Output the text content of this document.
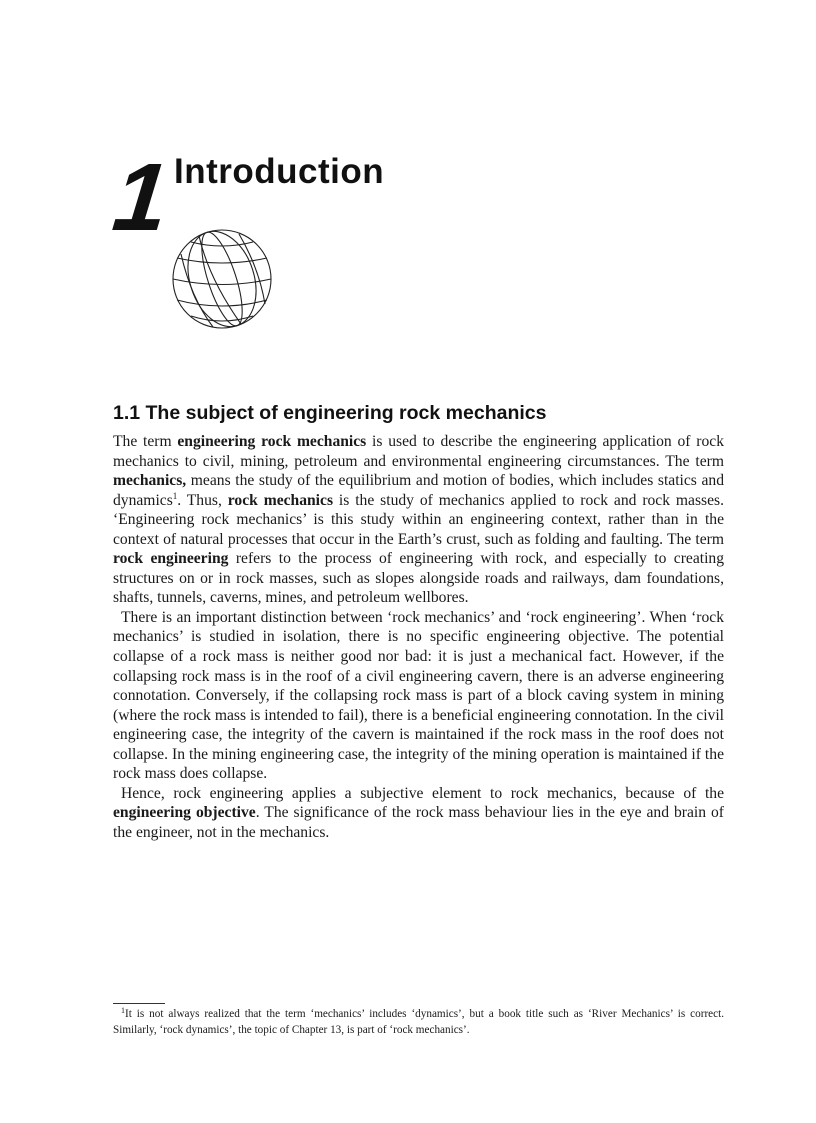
1 Introduction
1.1 The subject of engineering rock mechanics

The term engineering rock mechanics is used to describe the engineering application of rock mechanics to civil, mining, petroleum and environmental engineering circumstances. The term mechanics, means the study of the equilibrium and motion of bodies, which includes statics and dynamics$^1$. Thus, rock mechanics is the study of mechanics applied to rock and rock masses. ‘Engineering rock mechanics’ is this study within an engineering context, rather than in the context of natural processes that occur in the Earth’s crust, such as folding and faulting. The term rock engineering refers to the process of engineering with rock, and especially to creating structures on or in rock masses, such as slopes alongside roads and railways, dam foundations, shafts, tunnels, caverns, mines, and petroleum wellbores.

There is an important distinction between ‘rock mechanics’ and ‘rock engineering’. When ‘rock mechanics’ is studied in isolation, there is no specific engineering objective. The potential collapse of a rock mass is neither good nor bad: it is just a mechanical fact. However, if the collapsing rock mass is in the roof of a civil engineering cavern, there is an adverse engineering connotation. Conversely, if the collapsing rock mass is part of a block caving system in mining (where the rock mass is intended to fail), there is a beneficial engineering connotation. In the civil engineering case, the integrity of the cavern is maintained if the rock mass in the roof does not collapse. In the mining engineering case, the integrity of the mining operation is maintained if the rock mass does collapse.

Hence, rock engineering applies a subjective element to rock mechanics, because of the engineering objective. The significance of the rock mass behaviour lies in the eye and brain of the engineer, not in the mechanics.

$^1$It is not always realized that the term ‘mechanics’ includes ‘dynamics’, but a book title such as ‘River Mechanics’ is correct. Similarly, ‘rock dynamics’, the topic of Chapter 13, is part of ‘rock mechanics’.
